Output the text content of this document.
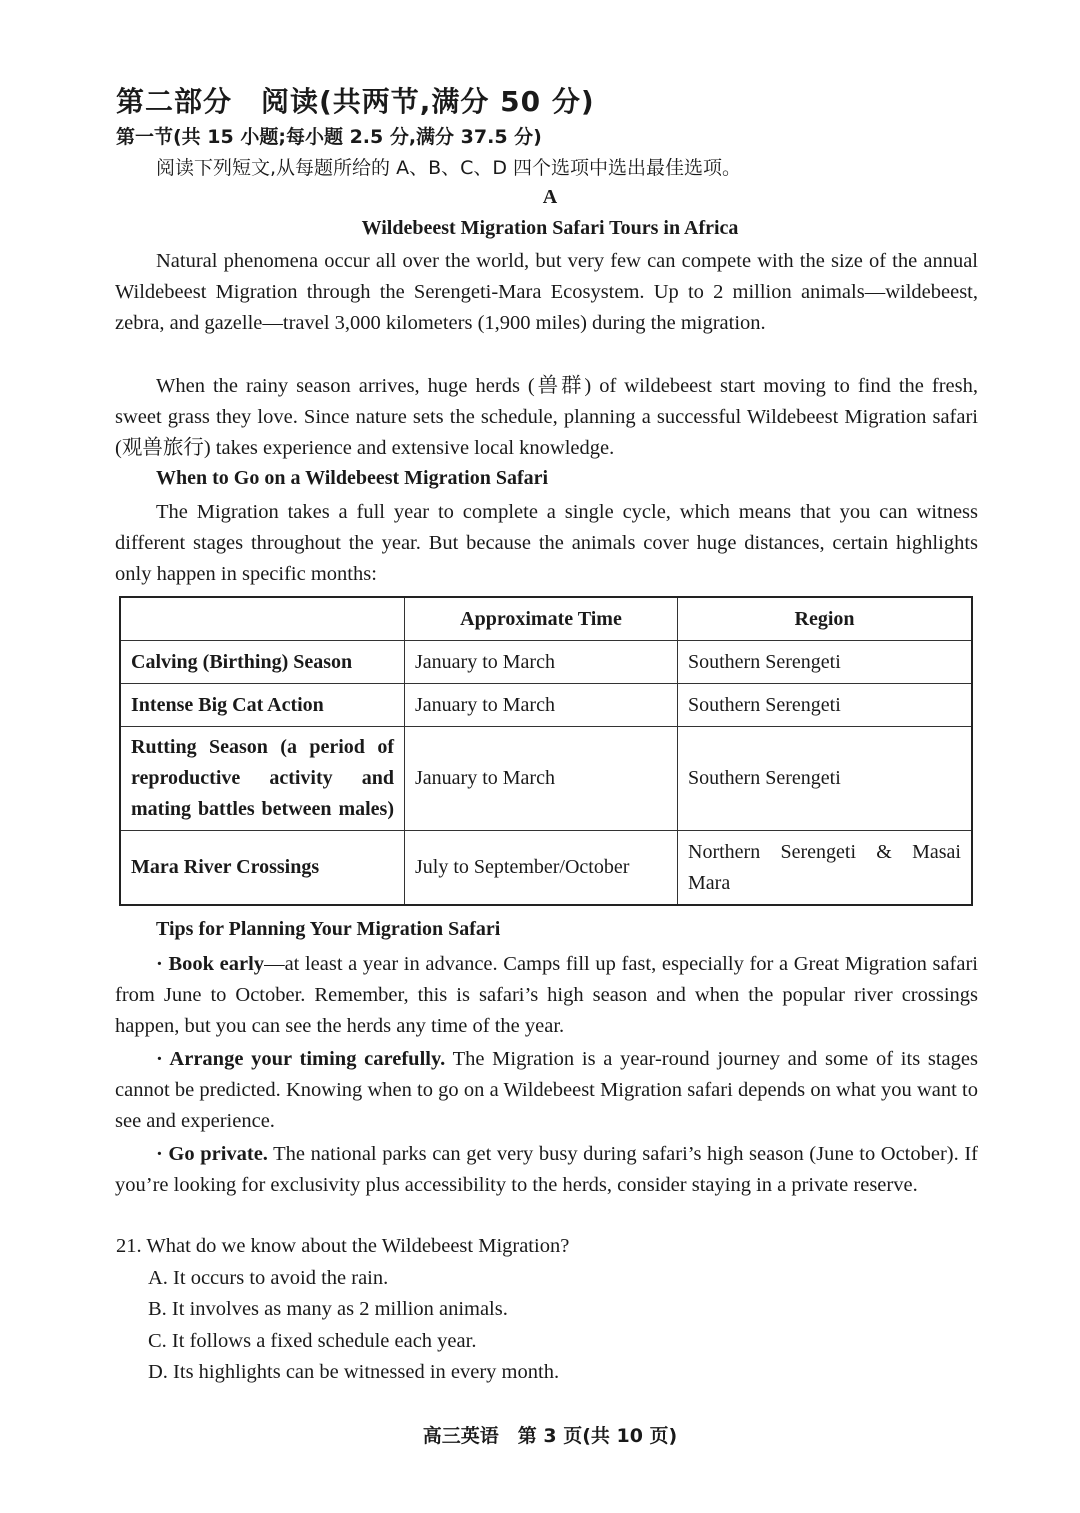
第二部分　阅读(共两节,满分 50 分)
第一节(共 15 小题;每小题 2.5 分,满分 37.5 分)
阅读下列短文,从每题所给的 A、B、C、D 四个选项中选出最佳选项。
A
Wildebeest Migration Safari Tours in Africa
Natural phenomena occur all over the world, but very few can compete with the size of the annual Wildebeest Migration through the Serengeti-Mara Ecosystem. Up to 2 million animals—wildebeest, zebra, and gazelle—travel 3,000 kilometers (1,900 miles) during the migration.
When the rainy season arrives, huge herds (兽群) of wildebeest start moving to find the fresh, sweet grass they love. Since nature sets the schedule, planning a successful Wildebeest Migration safari (观兽旅行) takes experience and extensive local knowledge.
When to Go on a Wildebeest Migration Safari
The Migration takes a full year to complete a single cycle, which means that you can witness different stages throughout the year. But because the animals cover huge distances, certain highlights only happen in specific months:
	Approximate Time	Region
Calving (Birthing) Season	January to March	Southern Serengeti
Intense Big Cat Action	January to March	Southern Serengeti
Rutting Season (a period of reproductive activity and mating battles between males)	January to March	Southern Serengeti
Mara River Crossings	July to September/October	Northern Serengeti & Masai Mara
Tips for Planning Your Migration Safari
· Book early—at least a year in advance. Camps fill up fast, especially for a Great Migration safari from June to October. Remember, this is safari’s high season and when the popular river crossings happen, but you can see the herds any time of the year.
· Arrange your timing carefully. The Migration is a year-round journey and some of its stages cannot be predicted. Knowing when to go on a Wildebeest Migration safari depends on what you want to see and experience.
· Go private. The national parks can get very busy during safari’s high season (June to October). If you’re looking for exclusivity plus accessibility to the herds, consider staying in a private reserve.
21. What do we know about the Wildebeest Migration?
A. It occurs to avoid the rain.
B. It involves as many as 2 million animals.
C. It follows a fixed schedule each year.
D. Its highlights can be witnessed in every month.
高三英语　第 3 页(共 10 页)
